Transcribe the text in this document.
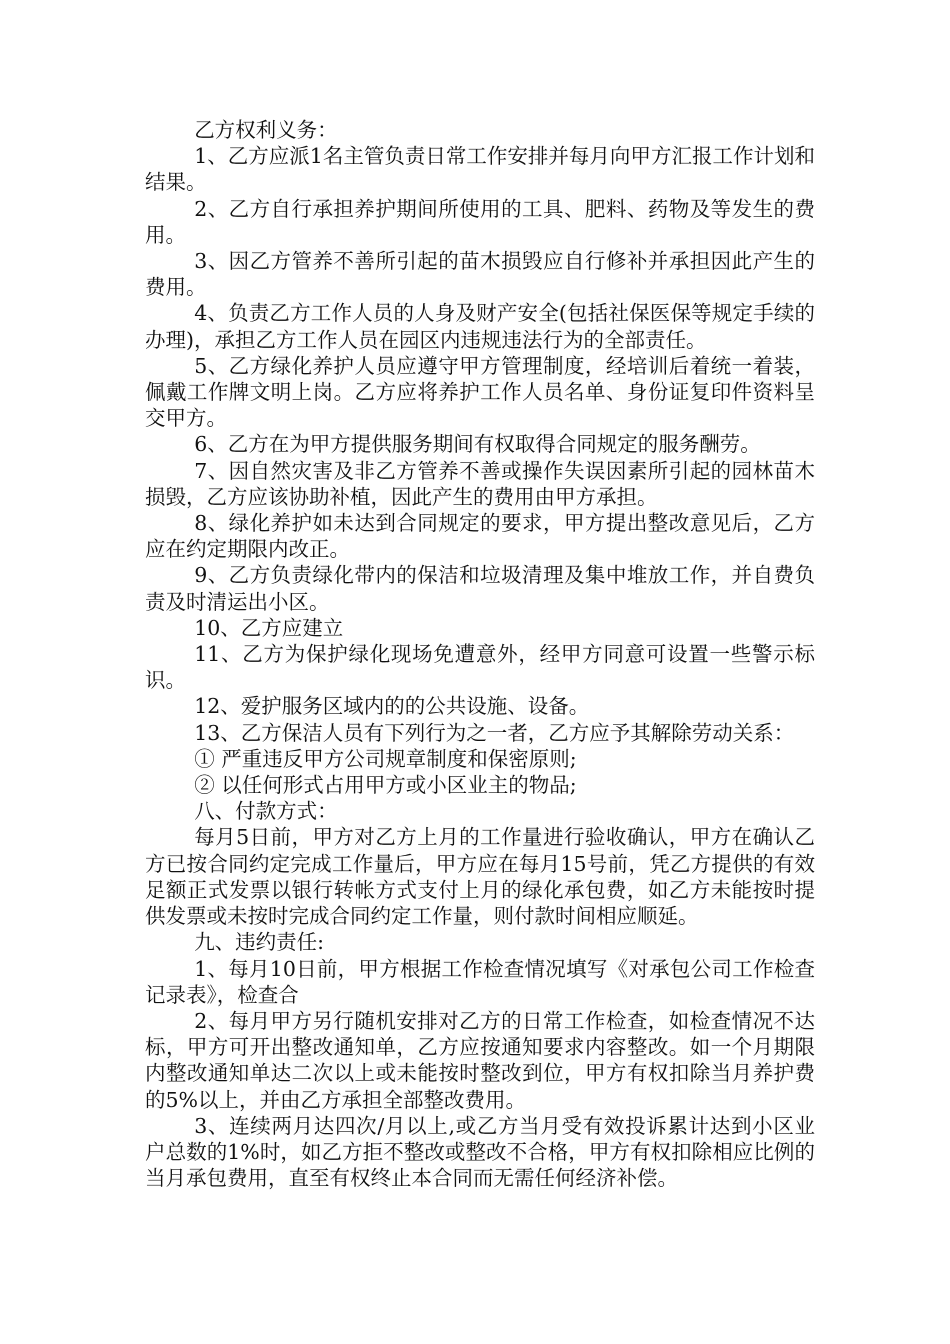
乙方权利义务：

1、乙方应派1名主管负责日常工作安排并每月向甲方汇报工作计划和结果。

2、乙方自行承担养护期间所使用的工具、肥料、药物及等发生的费用。

3、因乙方管养不善所引起的苗木损毁应自行修补并承担因此产生的费用。

4、负责乙方工作人员的人身及财产安全(包括社保医保等规定手续的办理)，承担乙方工作人员在园区内违规违法行为的全部责任。

5、乙方绿化养护人员应遵守甲方管理制度，经培训后着统一着装，佩戴工作牌文明上岗。乙方应将养护工作人员名单、身份证复印件资料呈交甲方。

6、乙方在为甲方提供服务期间有权取得合同规定的服务酬劳。

7、因自然灾害及非乙方管养不善或操作失误因素所引起的园林苗木损毁，乙方应该协助补植，因此产生的费用由甲方承担。

8、绿化养护如未达到合同规定的要求，甲方提出整改意见后，乙方应在约定期限内改正。

9、乙方负责绿化带内的保洁和垃圾清理及集中堆放工作，并自费负责及时清运出小区。

10、乙方应建立

11、乙方为保护绿化现场免遭意外，经甲方同意可设置一些警示标识。

12、爱护服务区域内的的公共设施、设备。

13、乙方保洁人员有下列行为之一者，乙方应予其解除劳动关系：

① 严重违反甲方公司规章制度和保密原则;

② 以任何形式占用甲方或小区业主的物品;

八、付款方式：

每月5日前，甲方对乙方上月的工作量进行验收确认，甲方在确认乙方已按合同约定完成工作量后，甲方应在每月15号前，凭乙方提供的有效足额正式发票以银行转帐方式支付上月的绿化承包费，如乙方未能按时提供发票或未按时完成合同约定工作量，则付款时间相应顺延。

九、违约责任:

1、每月10日前，甲方根据工作检查情况填写《对承包公司工作检查记录表》，检查合

2、每月甲方另行随机安排对乙方的日常工作检查，如检查情况不达标，甲方可开出整改通知单，乙方应按通知要求内容整改。如一个月期限内整改通知单达二次以上或未能按时整改到位，甲方有权扣除当月养护费的5%以上，并由乙方承担全部整改费用。

3、连续两月达四次/月以上,或乙方当月受有效投诉累计达到小区业户总数的1%时，如乙方拒不整改或整改不合格，甲方有权扣除相应比例的当月承包费用，直至有权终止本合同而无需任何经济补偿。
